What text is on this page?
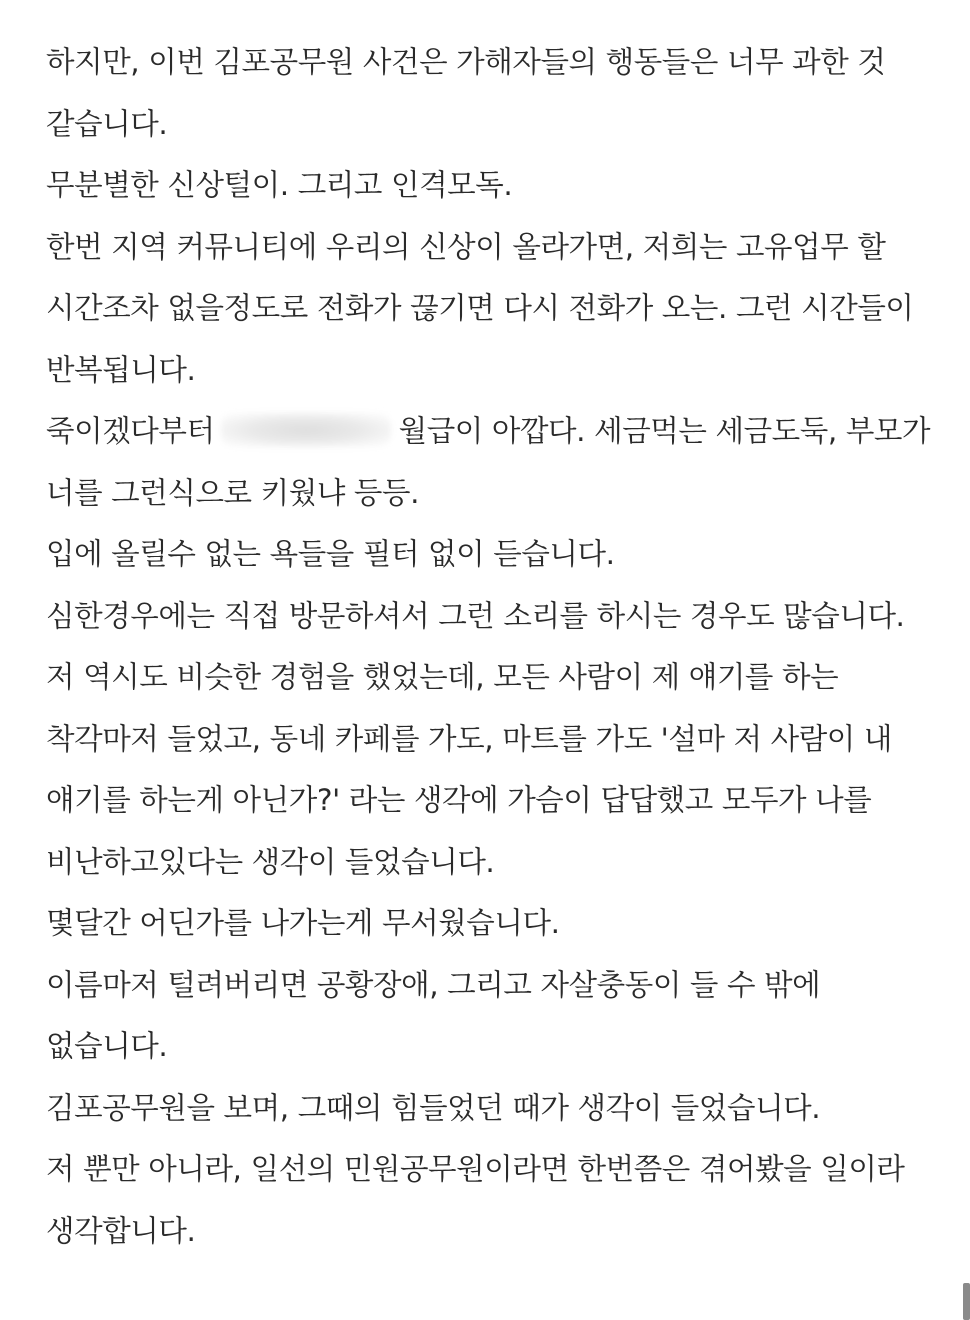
하지만, 이번 김포공무원 사건은 가해자들의 행동들은 너무 과한 것
같습니다.
무분별한 신상털이. 그리고 인격모독.
한번 지역 커뮤니티에 우리의 신상이 올라가면, 저희는 고유업무 할
시간조차 없을정도로 전화가 끊기면 다시 전화가 오는. 그런 시간들이
반복됩니다.
죽이겠다부터	월급이 아깝다. 세금먹는 세금도둑, 부모가
너를 그런식으로 키웠냐 등등.
입에 올릴수 없는 욕들을 필터 없이 듣습니다.
심한경우에는 직접 방문하셔서 그런 소리를 하시는 경우도 많습니다.
저 역시도 비슷한 경험을 했었는데, 모든 사람이 제 얘기를 하는
착각마저 들었고, 동네 카페를 가도, 마트를 가도 '설마 저 사람이 내
얘기를 하는게 아닌가?' 라는 생각에 가슴이 답답했고 모두가 나를
비난하고있다는 생각이 들었습니다.
몇달간 어딘가를 나가는게 무서웠습니다.
이름마저 털려버리면 공황장애, 그리고 자살충동이 들 수 밖에
없습니다.
김포공무원을 보며, 그때의 힘들었던 때가 생각이 들었습니다.
저 뿐만 아니라, 일선의 민원공무원이라면 한번쯤은 겪어봤을 일이라
생각합니다.
